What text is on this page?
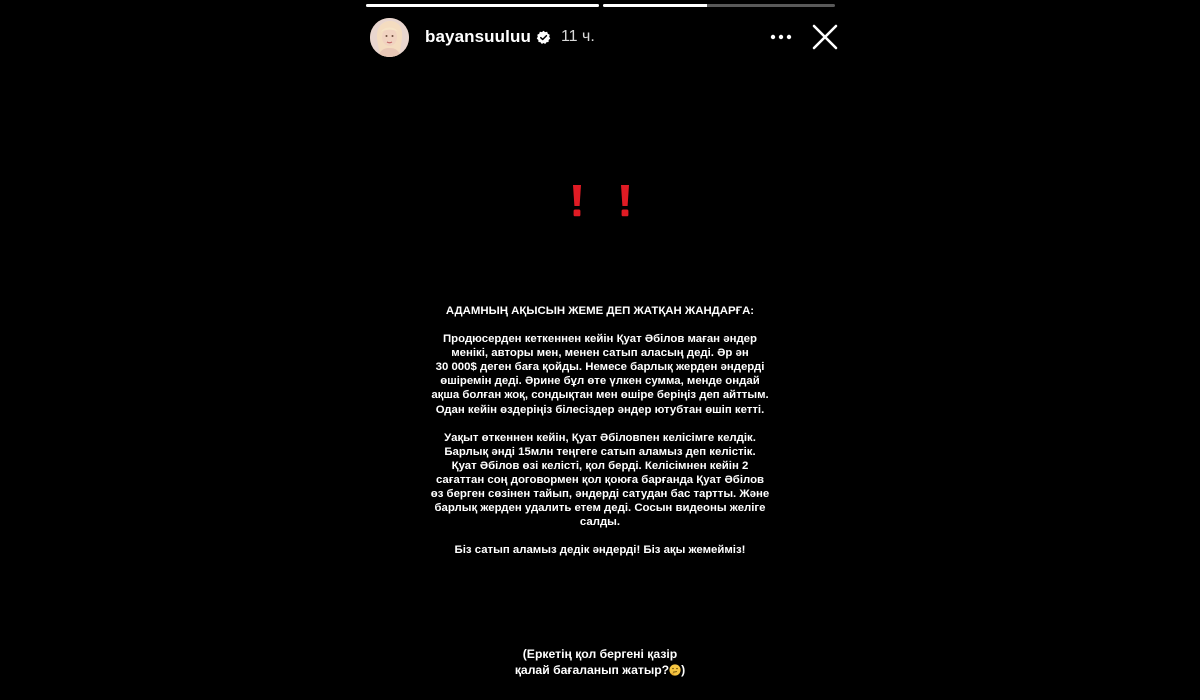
bayansuuluu 11 ч.

АДАМНЫҢ АҚЫСЫН ЖЕМЕ ДЕП ЖАТҚАН ЖАНДАРҒА:

Продюсерден кеткеннен кейін Қуат Әбілов маған әндер

менікі, авторы мен, менен сатып аласың деді. Әр ән

30 000$ деген баға қойды. Немесе барлық жерден әндерді

өшіремін деді. Әрине бұл өте үлкен сумма, менде ондай

ақша болған жоқ, сондықтан мен өшіре беріңіз деп айттым.

Одан кейін өздеріңіз білесіздер әндер ютубтан өшіп кетті.

Уақыт өткеннен кейін, Қуат Әбіловпен келісімге келдік.

Барлық әнді 15млн теңгеге сатып аламыз деп келістік.

Қуат Әбілов өзі келісті, қол берді. Келісімнен кейін 2

сағаттан соң договормен қол қоюға барғанда Қуат Әбілов

өз берген сөзінен тайып, әндерді сатудан бас тартты. Және

барлық жерден удалить етем деді. Сосын видеоны желіге

салды.

Біз сатып аламыз дедік әндерді! Біз ақы жемейміз!

(Еркетің қол бергені қазір
қалай бағаланып жатыр? )
